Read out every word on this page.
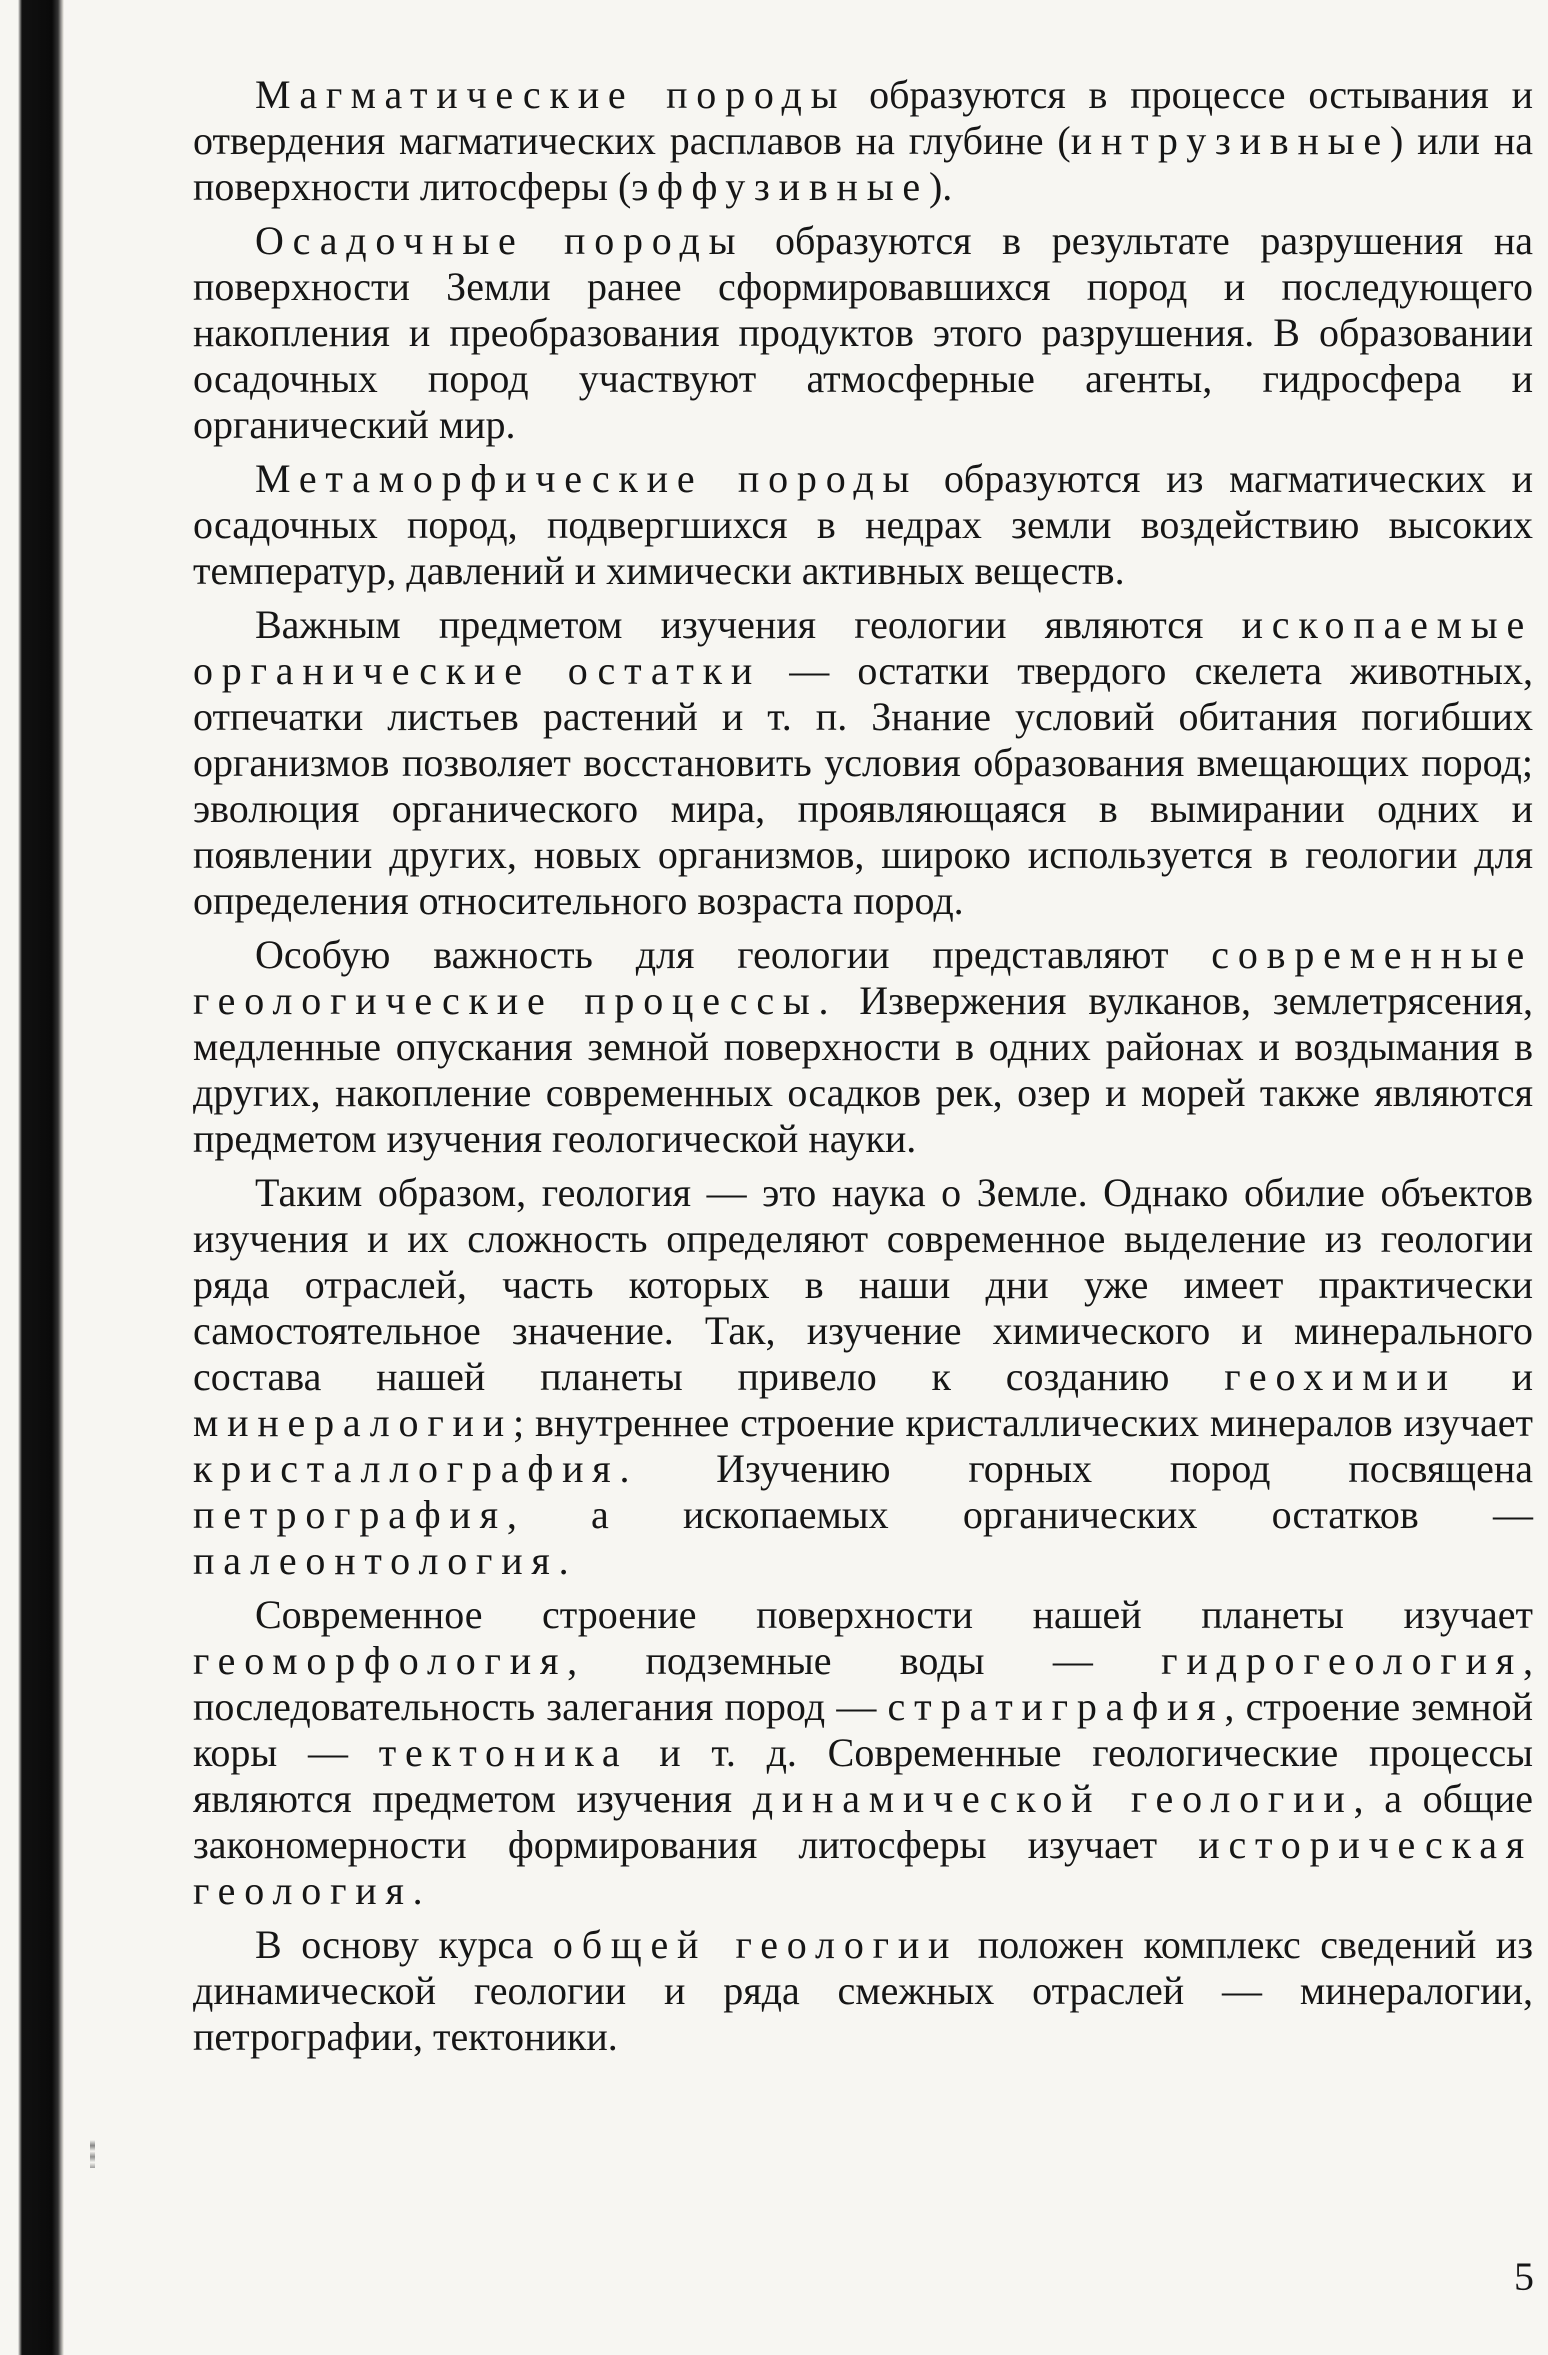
Магматические породы образуются в процессе остывания и отвердения магматических расплавов на глубине (интрузивные) или на поверхности литосферы (эффузивные).

Осадочные породы образуются в результате разрушения на поверхности Земли ранее сформировавшихся пород и последующего накопления и преобразования продуктов этого разрушения. В образовании осадочных пород участвуют атмосферные агенты, гидросфера и органический мир.

Метаморфические породы образуются из магматических и осадочных пород, подвергшихся в недрах земли воздействию высоких температур, давлений и химически активных веществ.

Важным предметом изучения геологии являются ископаемые органические остатки — остатки твердого скелета животных, отпечатки листьев растений и т. п. Знание условий обитания погибших организмов позволяет восстановить условия образования вмещающих пород; эволюция органического мира, проявляющаяся в вымирании одних и появлении других, новых организмов, широко используется в геологии для определения относительного возраста пород.

Особую важность для геологии представляют современные геологические процессы. Извержения вулканов, землетрясения, медленные опускания земной поверхности в одних районах и воздымания в других, накопление современных осадков рек, озер и морей также являются предметом изучения геологической науки.

Таким образом, геология — это наука о Земле. Однако обилие объектов изучения и их сложность определяют современное выделение из геологии ряда отраслей, часть которых в наши дни уже имеет практически самостоятельное значение. Так, изучение химического и минерального состава нашей планеты привело к созданию геохимии и минералогии; внутреннее строение кристаллических минералов изучает кристаллография. Изучению горных пород посвящена петрография, а ископаемых органических остатков — палеонтология.

Современное строение поверхности нашей планеты изучает геоморфология, подземные воды — гидрогеология, последовательность залегания пород — стратиграфия, строение земной коры — тектоника и т. д. Современные геологические процессы являются предметом изучения динамической геологии, а общие закономерности формирования литосферы изучает историческая геология.

В основу курса общей геологии положен комплекс сведений из динамической геологии и ряда смежных отраслей — минералогии, петрографии, тектоники.

5
